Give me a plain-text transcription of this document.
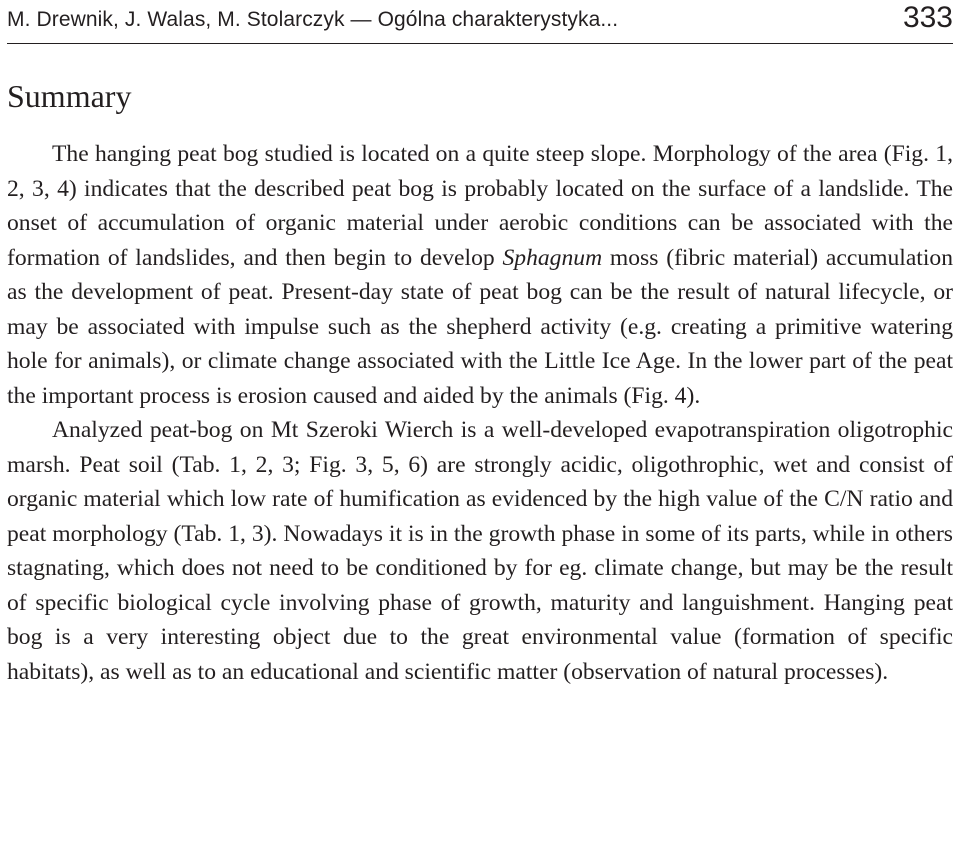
M. Drewnik, J. Walas, M. Stolarczyk — Ogólna charakterystyka...	333
Summary

The hanging peat bog studied is located on a quite steep slope. Morphology of the area (Fig. 1, 2, 3, 4) indicates that the described peat bog is probably located on the surface of a landslide. The onset of accumulation of organic material under aerobic conditions can be associated with the formation of landslides, and then begin to develop Sphagnum moss (fibric material) accumulation as the development of peat. Present-day state of peat bog can be the result of natural lifecycle, or may be associated with impulse such as the shepherd activity (e.g. creating a primitive watering hole for animals), or climate change associated with the Little Ice Age. In the lower part of the peat the important process is erosion caused and aided by the animals (Fig. 4).

Analyzed peat-bog on Mt Szeroki Wierch is a well-developed evapotranspiration oligotrophic marsh. Peat soil (Tab. 1, 2, 3; Fig. 3, 5, 6) are strongly acidic, oligothrophic, wet and consist of organic material which low rate of humification as evidenced by the high value of the C/N ratio and peat morphology (Tab. 1, 3). Nowadays it is in the growth phase in some of its parts, while in others stagnating, which does not need to be conditioned by for eg. climate change, but may be the result of specific biological cycle involving phase of growth, maturity and languishment. Hanging peat bog is a very interesting object due to the great environmental value (formation of specific habitats), as well as to an educational and scientific matter (observation of natural processes).
